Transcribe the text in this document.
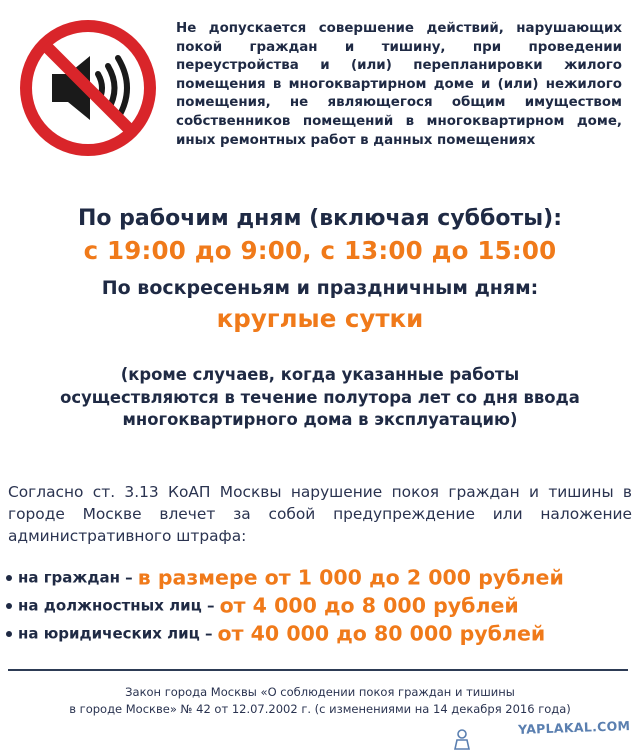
Не допускается совершение действий, нарушающих покой граждан и тишину, при проведении переустройства и (или) перепланировки жилого помещения в многоквартирном доме и (или) нежилого помещения, не являющегося общим имуществом собственников помещений в многоквартирном доме, иных ремонтных работ в данных помещениях
По рабочим дням (включая субботы):
с 19:00 до 9:00, с 13:00 до 15:00
По воскресеньям и праздничным дням:
круглые сутки
(кроме случаев, когда указанные работы осуществляются в течение полутора лет со дня ввода многоквартирного дома в эксплуатацию)
Согласно ст. 3.13 КоАП Москвы нарушение покоя граждан и тишины в городе Москве влечет за собой предупреждение или наложение административного штрафа:
на граждан – в размере от 1 000 до 2 000 рублей
на должностных лиц – от 4 000 до 8 000 рублей
на юридических лиц – от 40 000 до 80 000 рублей
Закон города Москвы «О соблюдении покоя граждан и тишины
в городе Москве» № 42 от 12.07.2002 г. (с изменениями на 14 декабря 2016 года)
YAPLAKAL.COM
